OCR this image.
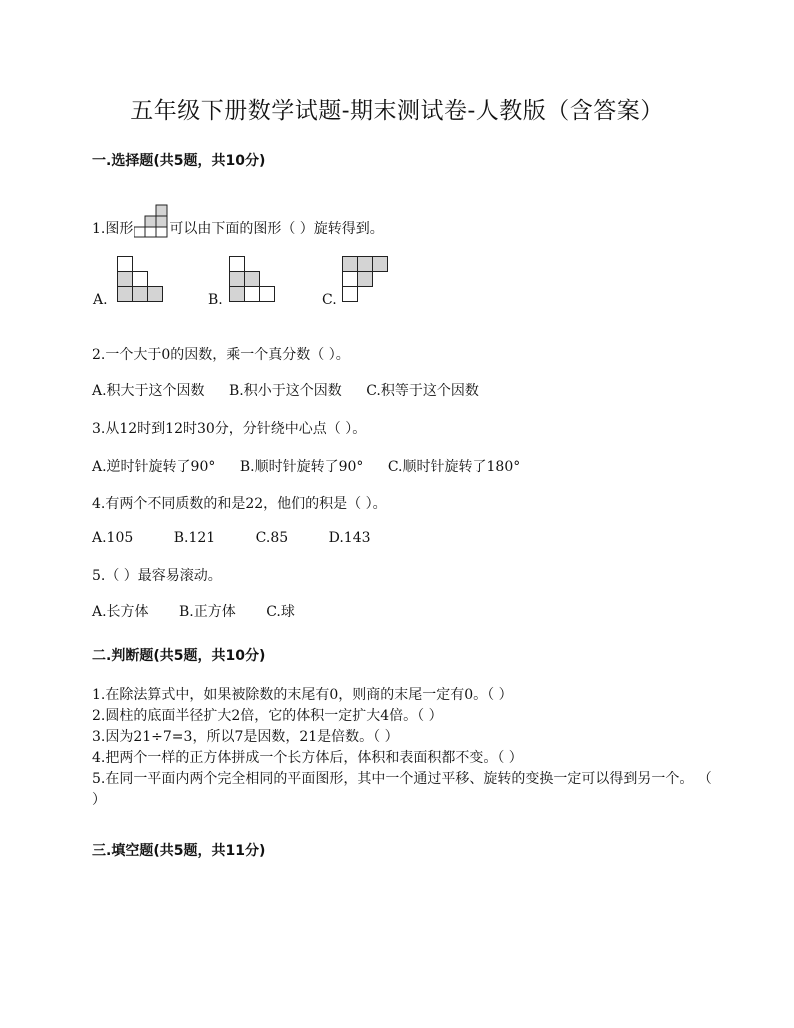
五年级下册数学试题-期末测试卷-人教版（含答案）
一.选择题(共5题，共10分)
1.图形	可以由下面的图形（ ）旋转得到。
A.	B.	C.
2.一个大于0的因数，乘一个真分数（ ）。
A.积大于这个因数 B.积小于这个因数 C.积等于这个因数
3.从12时到12时30分，分针绕中心点（ ）。
A.逆时针旋转了90° B.顺时针旋转了90° C.顺时针旋转了180°
4.有两个不同质数的和是22，他们的积是（ ）。
A.105	B.121	C.85	D.143
5.（ ）最容易滚动。
A.长方体 B.正方体 C.球
二.判断题(共5题，共10分)
1.在除法算式中，如果被除数的末尾有0，则商的末尾一定有0。（ ）
2.圆柱的底面半径扩大2倍，它的体积一定扩大4倍。（ ）
3.因为21÷7=3，所以7是因数，21是倍数。（ ）
4.把两个一样的正方体拼成一个长方体后，体积和表面积都不变。（ ）
5.在同一平面内两个完全相同的平面图形，其中一个通过平移、旋转的变换一定可以得到另一个。 （ ）
三.填空题(共5题，共11分)
